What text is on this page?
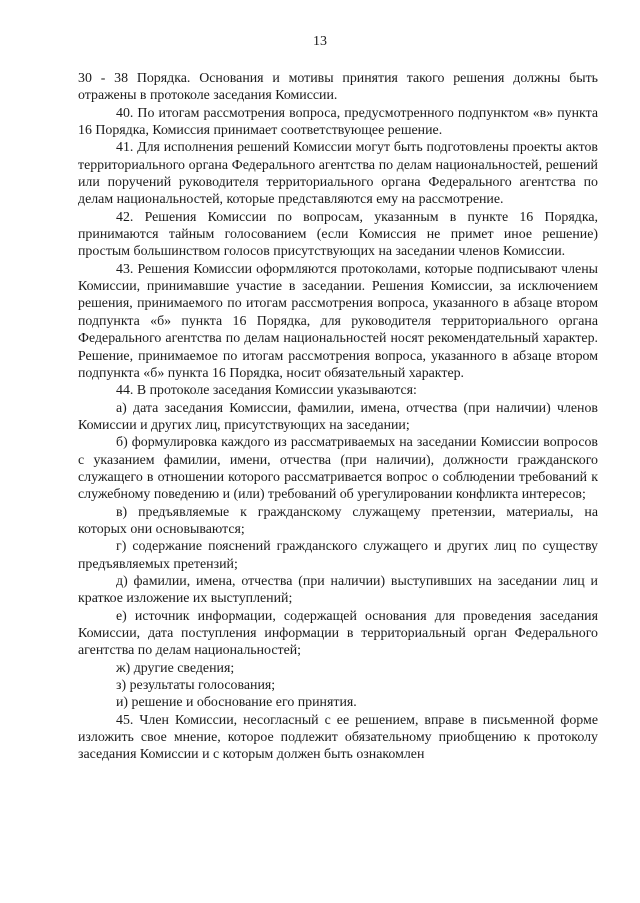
13

30 - 38 Порядка. Основания и мотивы принятия такого решения должны быть отражены в протоколе заседания Комиссии.

40. По итогам рассмотрения вопроса, предусмотренного подпунктом «в» пункта 16 Порядка, Комиссия принимает соответствующее решение.

41. Для исполнения решений Комиссии могут быть подготовлены проекты актов территориального органа Федерального агентства по делам национальностей, решений или поручений руководителя территориального органа Федерального агентства по делам национальностей, которые представляются ему на рассмотрение.

42. Решения Комиссии по вопросам, указанным в пункте 16 Порядка, принимаются тайным голосованием (если Комиссия не примет иное решение) простым большинством голосов присутствующих на заседании членов Комиссии.

43. Решения Комиссии оформляются протоколами, которые подписывают члены Комиссии, принимавшие участие в заседании. Решения Комиссии, за исключением решения, принимаемого по итогам рассмотрения вопроса, указанного в абзаце втором подпункта «б» пункта 16 Порядка, для руководителя территориального органа Федерального агентства по делам национальностей носят рекомендательный характер. Решение, принимаемое по итогам рассмотрения вопроса, указанного в абзаце втором подпункта «б» пункта 16 Порядка, носит обязательный характер.

44. В протоколе заседания Комиссии указываются:

а) дата заседания Комиссии, фамилии, имена, отчества (при наличии) членов Комиссии и других лиц, присутствующих на заседании;

б) формулировка каждого из рассматриваемых на заседании Комиссии вопросов с указанием фамилии, имени, отчества (при наличии), должности гражданского служащего в отношении которого рассматривается вопрос о соблюдении требований к служебному поведению и (или) требований об урегулировании конфликта интересов;

в) предъявляемые к гражданскому служащему претензии, материалы, на которых они основываются;

г) содержание пояснений гражданского служащего и других лиц по существу предъявляемых претензий;

д) фамилии, имена, отчества (при наличии) выступивших на заседании лиц и краткое изложение их выступлений;

е) источник информации, содержащей основания для проведения заседания Комиссии, дата поступления информации в территориальный орган Федерального агентства по делам национальностей;

ж) другие сведения;

з) результаты голосования;

и) решение и обоснование его принятия.

45. Член Комиссии, несогласный с ее решением, вправе в письменной форме изложить свое мнение, которое подлежит обязательному приобщению к протоколу заседания Комиссии и с которым должен быть ознакомлен
